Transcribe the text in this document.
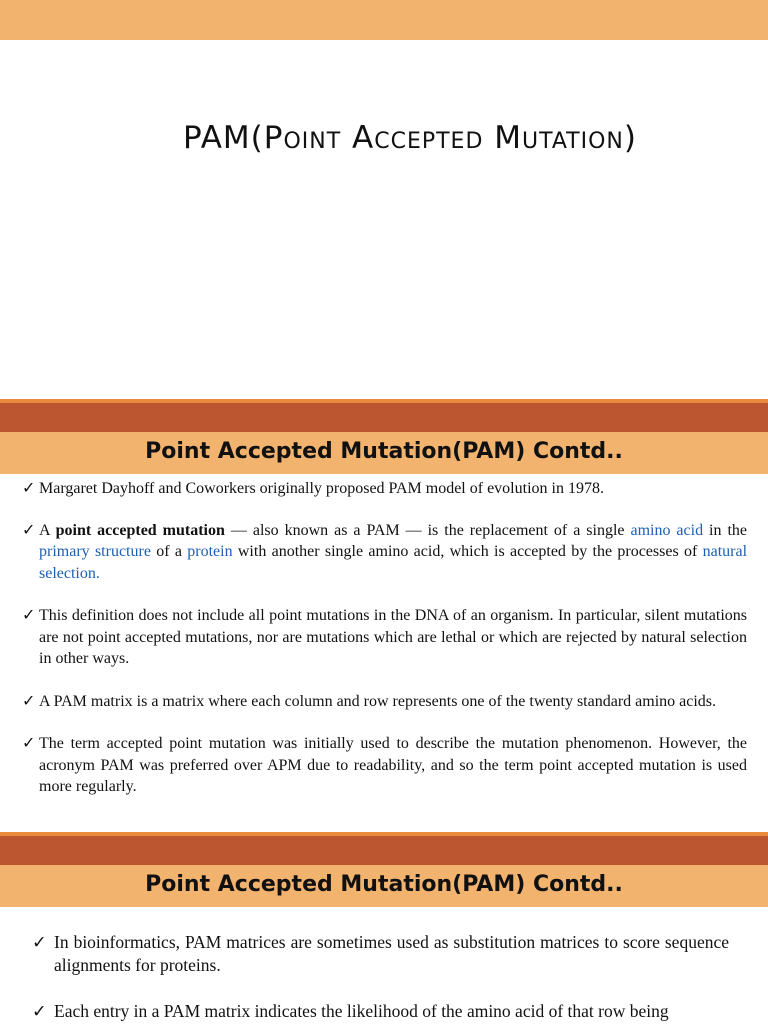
PAM(Point Accepted Mutation)
Point Accepted Mutation(PAM) Contd..
✓ Margaret Dayhoff and Coworkers originally proposed PAM model of evolution in 1978.
✓ A point accepted mutation — also known as a PAM — is the replacement of a single amino acid in the primary structure of a protein with another single amino acid, which is accepted by the processes of natural selection.
✓ This definition does not include all point mutations in the DNA of an organism. In particular, silent mutations are not point accepted mutations, nor are mutations which are lethal or which are rejected by natural selection in other ways.
✓ A PAM matrix is a matrix where each column and row represents one of the twenty standard amino acids.
✓ The term accepted point mutation was initially used to describe the mutation phenomenon. However, the acronym PAM was preferred over APM due to readability, and so the term point accepted mutation is used more regularly.
Point Accepted Mutation(PAM) Contd..
✓ In bioinformatics, PAM matrices are sometimes used as substitution matrices to score sequence alignments for proteins.
✓ Each entry in a PAM matrix indicates the likelihood of the amino acid of that row being
